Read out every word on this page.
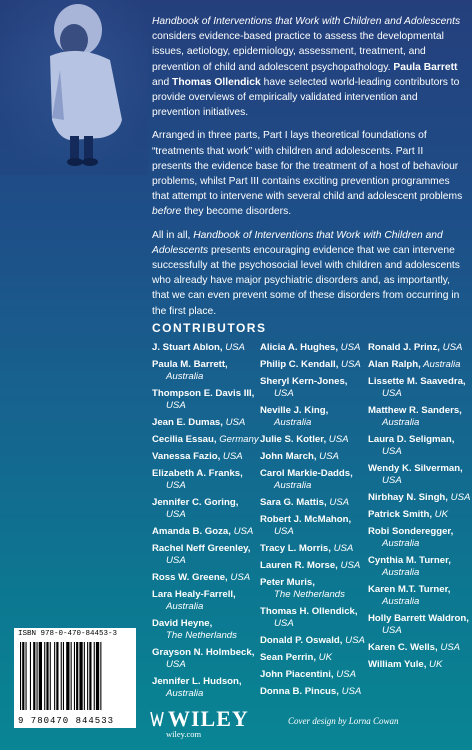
Handbook of Interventions that Work with Children and Adolescents considers evidence-based practice to assess the developmental issues, aetiology, epidemiology, assessment, treatment, and prevention of child and adolescent psychopathology. Paula Barrett and Thomas Ollendick have selected world-leading contributors to provide overviews of empirically validated intervention and prevention initiatives.

Arranged in three parts, Part I lays theoretical foundations of “treatments that work” with children and adolescents. Part II presents the evidence base for the treatment of a host of behaviour problems, whilst Part III contains exciting prevention programmes that attempt to intervene with several child and adolescent problems before they become disorders.

All in all, Handbook of Interventions that Work with Children and Adolescents presents encouraging evidence that we can intervene successfully at the psychosocial level with children and adolescents who already have major psychiatric disorders and, as importantly, that we can even prevent some of these disorders from occurring in the first place.

CONTRIBUTORS
J. Stuart Ablon, USA
Paula M. Barrett,
Australia
Thompson E. Davis III,
USA
Jean E. Dumas, USA
Cecilia Essau, Germany
Vanessa Fazio, USA
Elizabeth A. Franks,
USA
Jennifer C. Goring,
USA
Amanda B. Goza, USA
Rachel Neff Greenley,
USA
Ross W. Greene, USA
Lara Healy-Farrell,
Australia
David Heyne,
The Netherlands
Grayson N. Holmbeck,
USA
Jennifer L. Hudson,
Australia
Alicia A. Hughes, USA
Philip C. Kendall, USA
Sheryl Kern-Jones,
USA
Neville J. King,
Australia
Julie S. Kotler, USA
John March, USA
Carol Markie-Dadds,
Australia
Sara G. Mattis, USA
Robert J. McMahon,
USA
Tracy L. Morris, USA
Lauren R. Morse, USA
Peter Muris,
The Netherlands
Thomas H. Ollendick,
USA
Donald P. Oswald, USA
Sean Perrin, UK
John Piacentini, USA
Donna B. Pincus, USA
Ronald J. Prinz, USA
Alan Ralph, Australia
Lissette M. Saavedra,
USA
Matthew R. Sanders,
Australia
Laura D. Seligman,
USA
Wendy K. Silverman,
USA
Nirbhay N. Singh, USA
Patrick Smith, UK
Robi Sonderegger,
Australia
Cynthia M. Turner,
Australia
Karen M.T. Turner,
Australia
Holly Barrett Waldron,
USA
Karen C. Wells, USA
William Yule, UK
ISBN 978-0-470-84453-3
9 780470 844533 WILEY
wiley.com
Cover design by Lorna Cowan
